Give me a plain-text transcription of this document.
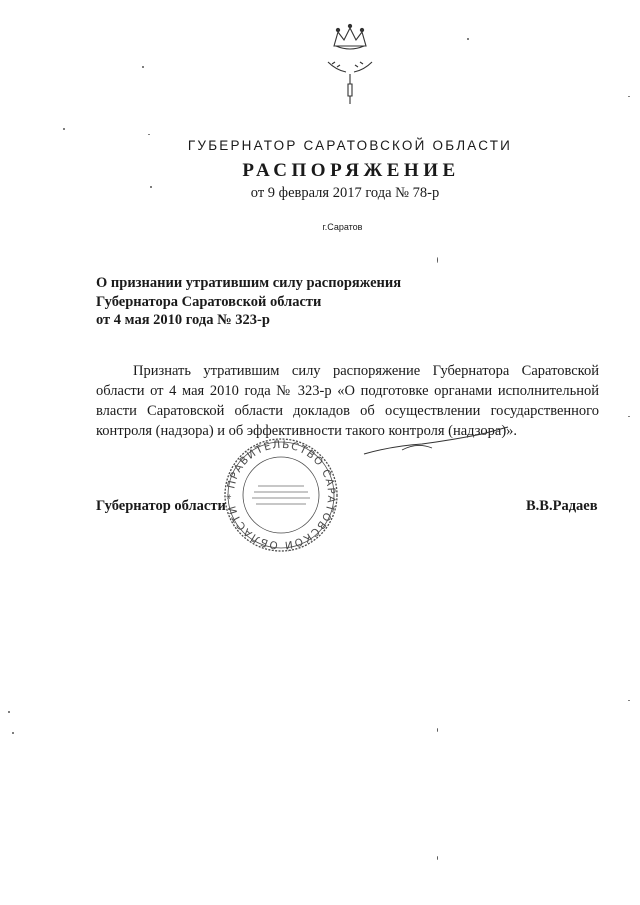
ГУБЕРНАТОР САРАТОВСКОЙ ОБЛАСТИ
РАСПОРЯЖЕНИЕ
от 9 февраля 2017 года № 78-р
г.Саратов
О признании утратившим силу распоряжения
Губернатора Саратовской области
от 4 мая 2010 года № 323-р
Признать утратившим силу распоряжение Губернатора Саратовской области от 4 мая 2010 года № 323-р «О подготовке органами исполнительной власти Саратовской области докладов об осуществлении государственного контроля (надзора) и об эффективности такого контроля (надзора)».
ПРАВИТЕЛЬСТВО САРАТОВСКОЙ ОБЛАСТИ *
Губернатор области	В.В.Радаев
